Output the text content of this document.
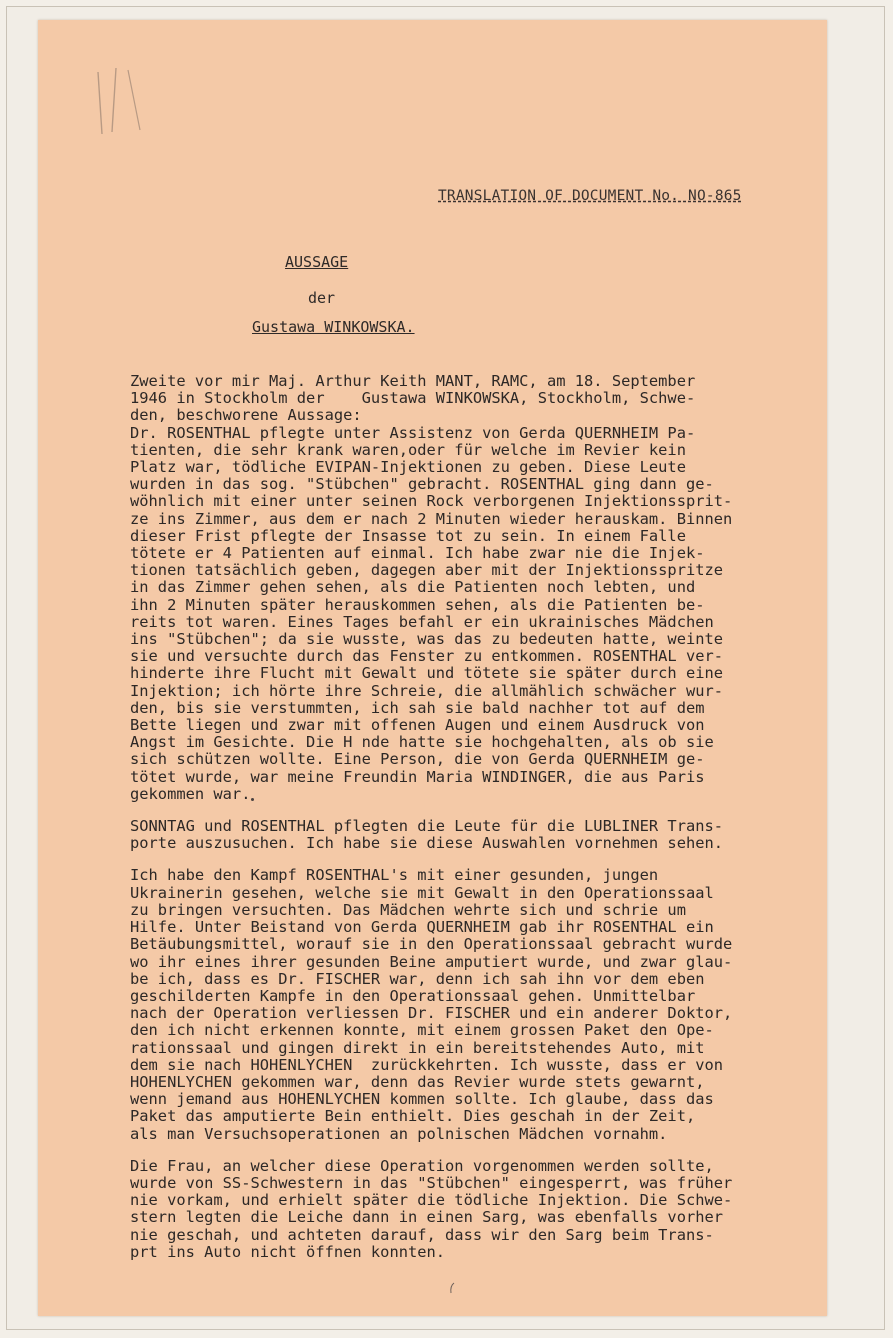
TRANSLATION OF DOCUMENT No. NO-865
AUSSAGE
der
Gustawa WINKOWSKA.

Zweite vor mir Maj. Arthur Keith MANT, RAMC, am 18. September
1946 in Stockholm der    Gustawa WINKOWSKA, Stockholm, Schwe-
den, beschworene Aussage:

Dr. ROSENTHAL pflegte unter Assistenz von Gerda QUERNHEIM Pa-
tienten, die sehr krank waren,oder für welche im Revier kein
Platz war, tödliche EVIPAN-Injektionen zu geben. Diese Leute
wurden in das sog. "Stübchen" gebracht. ROSENTHAL ging dann ge-
wöhnlich mit einer unter seinen Rock verborgenen Injektionssprit-
ze ins Zimmer, aus dem er nach 2 Minuten wieder herauskam. Binnen
dieser Frist pflegte der Insasse tot zu sein. In einem Falle
tötete er 4 Patienten auf einmal. Ich habe zwar nie die Injek-
tionen tatsächlich geben, dagegen aber mit der Injektionsspritze
in das Zimmer gehen sehen, als die Patienten noch lebten, und
ihn 2 Minuten später herauskommen sehen, als die Patienten be-
reits tot waren. Eines Tages befahl er ein ukrainisches Mädchen
ins "Stübchen"; da sie wusste, was das zu bedeuten hatte, weinte
sie und versuchte durch das Fenster zu entkommen. ROSENTHAL ver-
hinderte ihre Flucht mit Gewalt und tötete sie später durch eine
Injektion; ich hörte ihre Schreie, die allmählich schwächer wur-
den, bis sie verstummten, ich sah sie bald nachher tot auf dem
Bette liegen und zwar mit offenen Augen und einem Ausdruck von
Angst im Gesichte. Die H nde hatte sie hochgehalten, als ob sie
sich schützen wollte. Eine Person, die von Gerda QUERNHEIM ge-
tötet wurde, war meine Freundin Maria WINDINGER, die aus Paris
gekommen war.

SONNTAG und ROSENTHAL pflegten die Leute für die LUBLINER Trans-
porte auszusuchen. Ich habe sie diese Auswahlen vornehmen sehen.

Ich habe den Kampf ROSENTHAL's mit einer gesunden, jungen
Ukrainerin gesehen, welche sie mit Gewalt in den Operationssaal
zu bringen versuchten. Das Mädchen wehrte sich und schrie um
Hilfe. Unter Beistand von Gerda QUERNHEIM gab ihr ROSENTHAL ein
Betäubungsmittel, worauf sie in den Operationssaal gebracht wurde
wo ihr eines ihrer gesunden Beine amputiert wurde, und zwar glau-
be ich, dass es Dr. FISCHER war, denn ich sah ihn vor dem eben
geschilderten Kampfe in den Operationssaal gehen. Unmittelbar
nach der Operation verliessen Dr. FISCHER und ein anderer Doktor,
den ich nicht erkennen konnte, mit einem grossen Paket den Ope-
rationssaal und gingen direkt in ein bereitstehendes Auto, mit
dem sie nach HOHENLYCHEN  zurückkehrten. Ich wusste, dass er von
HOHENLYCHEN gekommen war, denn das Revier wurde stets gewarnt,
wenn jemand aus HOHENLYCHEN kommen sollte. Ich glaube, dass das
Paket das amputierte Bein enthielt. Dies geschah in der Zeit,
als man Versuchsoperationen an polnischen Mädchen vornahm.

Die Frau, an welcher diese Operation vorgenommen werden sollte,
wurde von SS-Schwestern in das "Stübchen" eingesperrt, was früher
nie vorkam, und erhielt später die tödliche Injektion. Die Schwe-
stern legten die Leiche dann in einen Sarg, was ebenfalls vorher
nie geschah, und achteten darauf, dass wir den Sarg beim Trans-
prt ins Auto nicht öffnen konnten.
